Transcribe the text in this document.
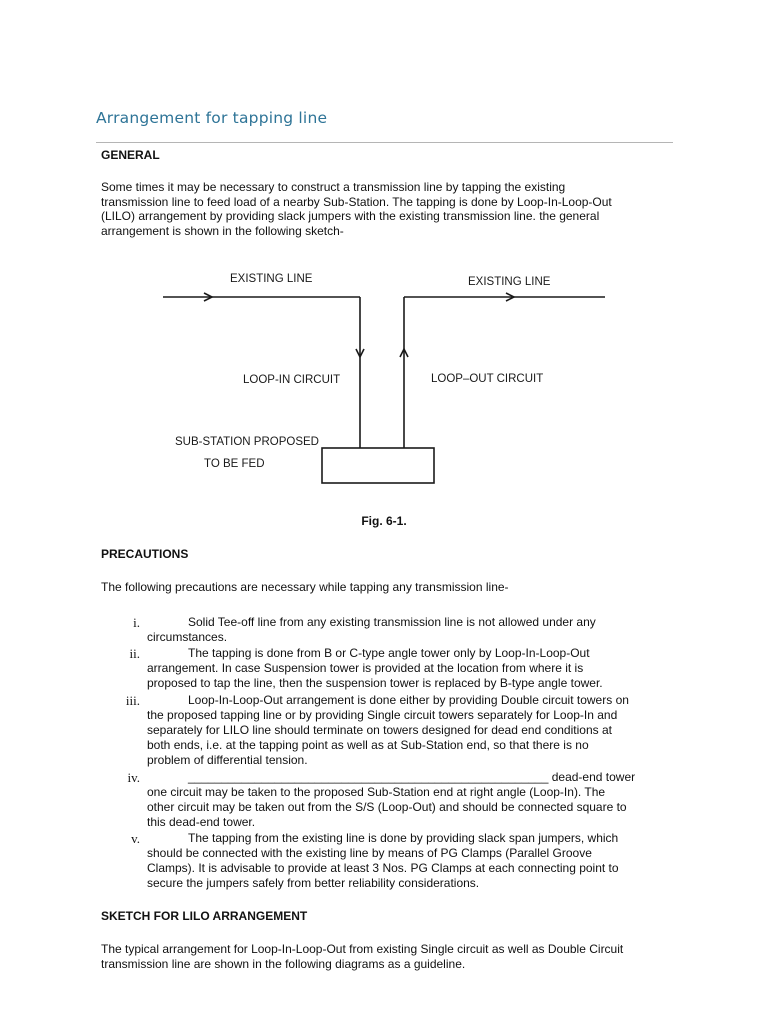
Arrangement for tapping line
GENERAL
Some times it may be necessary to construct a transmission line by tapping the existing
transmission line to feed load of a nearby Sub-Station. The tapping is done by Loop-In-Loop-Out
(LILO) arrangement by providing slack jumpers with the existing transmission line. the general
arrangement is shown in the following sketch-
EXISTING LINE	EXISTING LINE
LOOP-IN CIRCUIT	LOOP–OUT CIRCUIT
SUB-STATION PROPOSED
TO BE FED
Fig. 6-1.
PRECAUTIONS
The following precautions are necessary while tapping any transmission line-
i.	Solid Tee-off line from any existing transmission line is not allowed under any
circumstances.
ii.	The tapping is done from B or C-type angle tower only by Loop-In-Loop-Out
arrangement. In case Suspension tower is provided at the location from where it is
proposed to tap the line, then the suspension tower is replaced by B-type angle tower.
iii.	Loop-In-Loop-Out arrangement is done either by providing Double circuit towers on
the proposed tapping line or by providing Single circuit towers separately for Loop-In and
separately for LILO line should terminate on towers designed for dead end conditions at
both ends, i.e. at the tapping point as well as at Sub-Station end, so that there is no
problem of differential tension.
iv.	______________________________________________________ dead-end tower
one circuit may be taken to the proposed Sub-Station end at right angle (Loop-In). The
other circuit may be taken out from the S/S (Loop-Out) and should be connected square to
this dead-end tower.
v.	The tapping from the existing line is done by providing slack span jumpers, which
should be connected with the existing line by means of PG Clamps (Parallel Groove
Clamps). It is advisable to provide at least 3 Nos. PG Clamps at each connecting point to
secure the jumpers safely from better reliability considerations.
SKETCH FOR LILO ARRANGEMENT
The typical arrangement for Loop-In-Loop-Out from existing Single circuit as well as Double Circuit
transmission line are shown in the following diagrams as a guideline.
